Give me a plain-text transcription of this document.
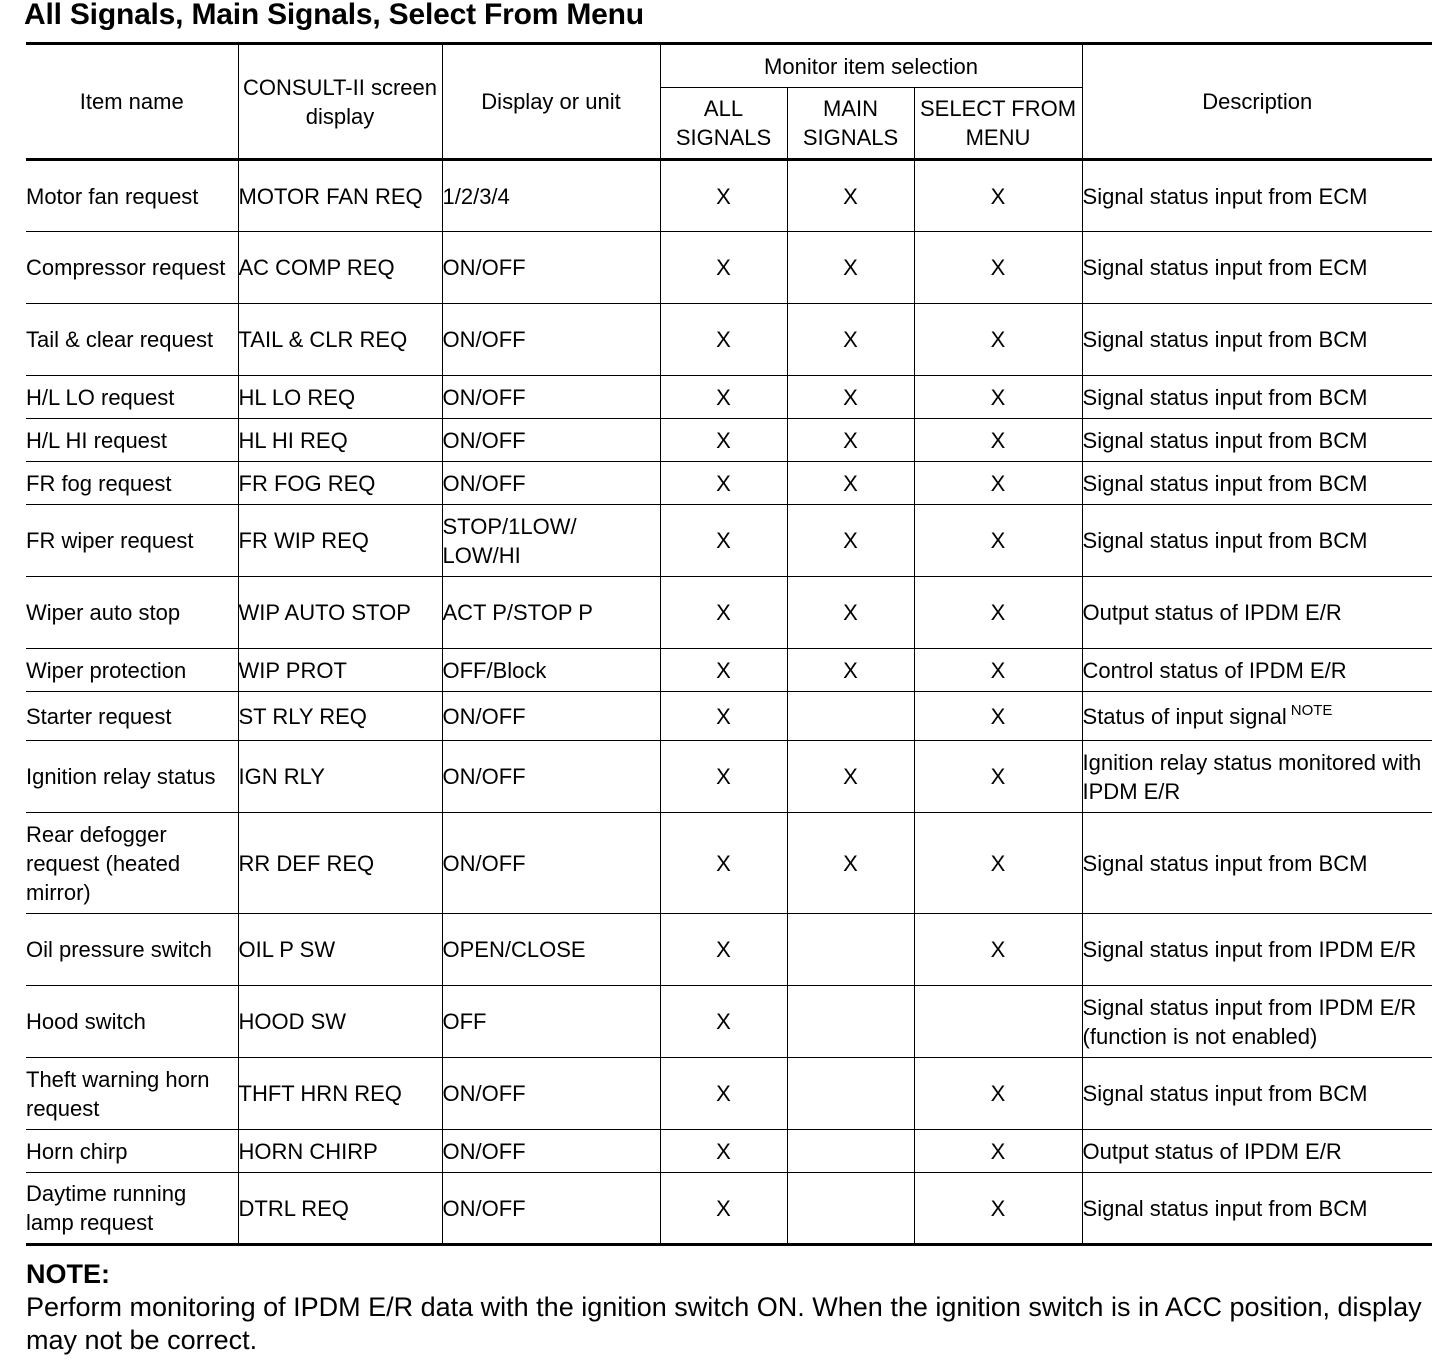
All Signals, Main Signals, Select From Menu
Item name	CONSULT-II screen display	Display or unit	Monitor item selection			Description
			ALL SIGNALS	MAIN SIGNALS	SELECT FROM MENU	
Motor fan request	MOTOR FAN REQ	1/2/3/4	X	X	X	Signal status input from ECM
Compressor request	AC COMP REQ	ON/OFF	X	X	X	Signal status input from ECM
Tail & clear request	TAIL & CLR REQ	ON/OFF	X	X	X	Signal status input from BCM
H/L LO request	HL LO REQ	ON/OFF	X	X	X	Signal status input from BCM
H/L HI request	HL HI REQ	ON/OFF	X	X	X	Signal status input from BCM
FR fog request	FR FOG REQ	ON/OFF	X	X	X	Signal status input from BCM
FR wiper request	FR WIP REQ	STOP/1LOW/ LOW/HI	X	X	X	Signal status input from BCM
Wiper auto stop	WIP AUTO STOP	ACT P/STOP P	X	X	X	Output status of IPDM E/R
Wiper protection	WIP PROT	OFF/Block	X	X	X	Control status of IPDM E/R
Starter request	ST RLY REQ	ON/OFF	X		X	Status of input signal $^{NOTE}$
Ignition relay status	IGN RLY	ON/OFF	X	X	X	Ignition relay status monitored with IPDM E/R
Rear defogger request (heated mirror)	RR DEF REQ	ON/OFF	X	X	X	Signal status input from BCM
Oil pressure switch	OIL P SW	OPEN/CLOSE	X		X	Signal status input from IPDM E/R
Hood switch	HOOD SW	OFF	X			Signal status input from IPDM E/R (function is not enabled)
Theft warning horn request	THFT HRN REQ	ON/OFF	X		X	Signal status input from BCM
Horn chirp	HORN CHIRP	ON/OFF	X		X	Output status of IPDM E/R
Daytime running lamp request	DTRL REQ	ON/OFF	X		X	Signal status input from BCM
NOTE:
Perform monitoring of IPDM E/R data with the ignition switch ON. When the ignition switch is in ACC position, display may not be correct.
